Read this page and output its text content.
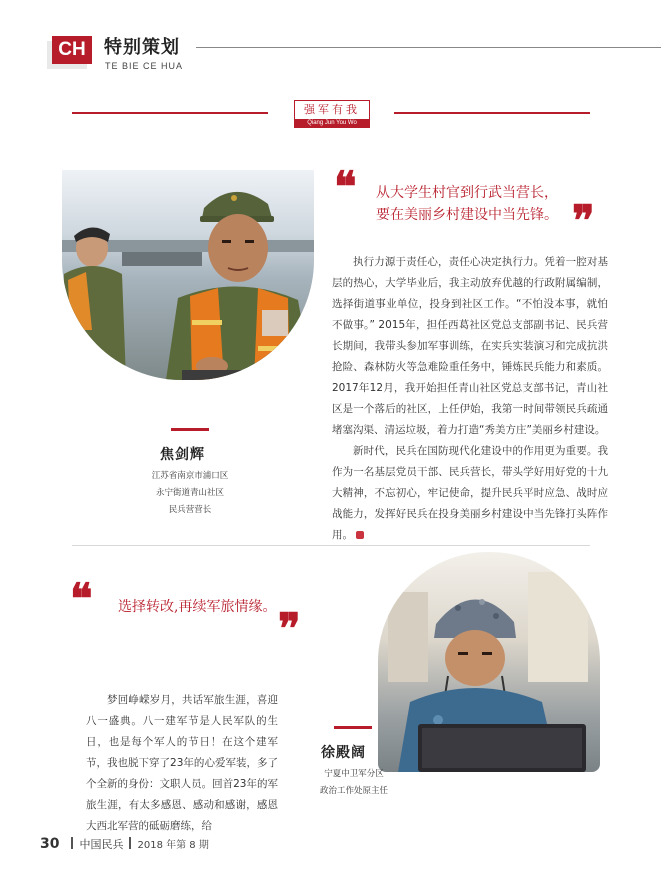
CH	特别策划
TE BIE CE HUA
强军有我
Qiang Jun You Wo
焦剑辉
江苏省南京市浦口区
永宁街道青山社区
民兵营营长
❝ 从大学生村官到行武当营长，
要在美丽乡村建设中当先锋。 ❞

执行力源于责任心，责任心决定执行力。凭着一腔对基层的热心，大学毕业后，我主动放弃优越的行政附属编制，选择街道事业单位，投身到社区工作。“不怕没本事，就怕不做事。” 2015年，担任西葛社区党总支部副书记、民兵营长期间，我带头参加军事训练，在实兵实装演习和完成抗洪抢险、森林防火等急难险重任务中，锤炼民兵能力和素质。2017年12月，我开始担任青山社区党总支部书记，青山社区是一个落后的社区，上任伊始，我第一时间带领民兵疏通堵塞沟渠、清运垃圾，着力打造“秀美方庄”美丽乡村建设。

新时代，民兵在国防现代化建设中的作用更为重要。我作为一名基层党员干部、民兵营长，带头学好用好党的十九大精神，不忘初心，牢记使命，提升民兵平时应急、战时应战能力，发挥好民兵在投身美丽乡村建设中当先锋打头阵作用。

❝ 选择转改,再续军旅情缘。 ❞

梦回峥嵘岁月，共话军旅生涯，喜迎八一盛典。八一建军节是人民军队的生日，也是每个军人的节日！在这个建军节，我也脱下穿了23年的心爱军装，多了个全新的身份：文职人员。回首23年的军旅生涯，有太多感恩、感动和感谢，感恩大西北军营的砥砺磨练，给

徐殿阔
宁夏中卫军分区
政治工作处原主任
30 中国民兵 2018 年第 8 期
